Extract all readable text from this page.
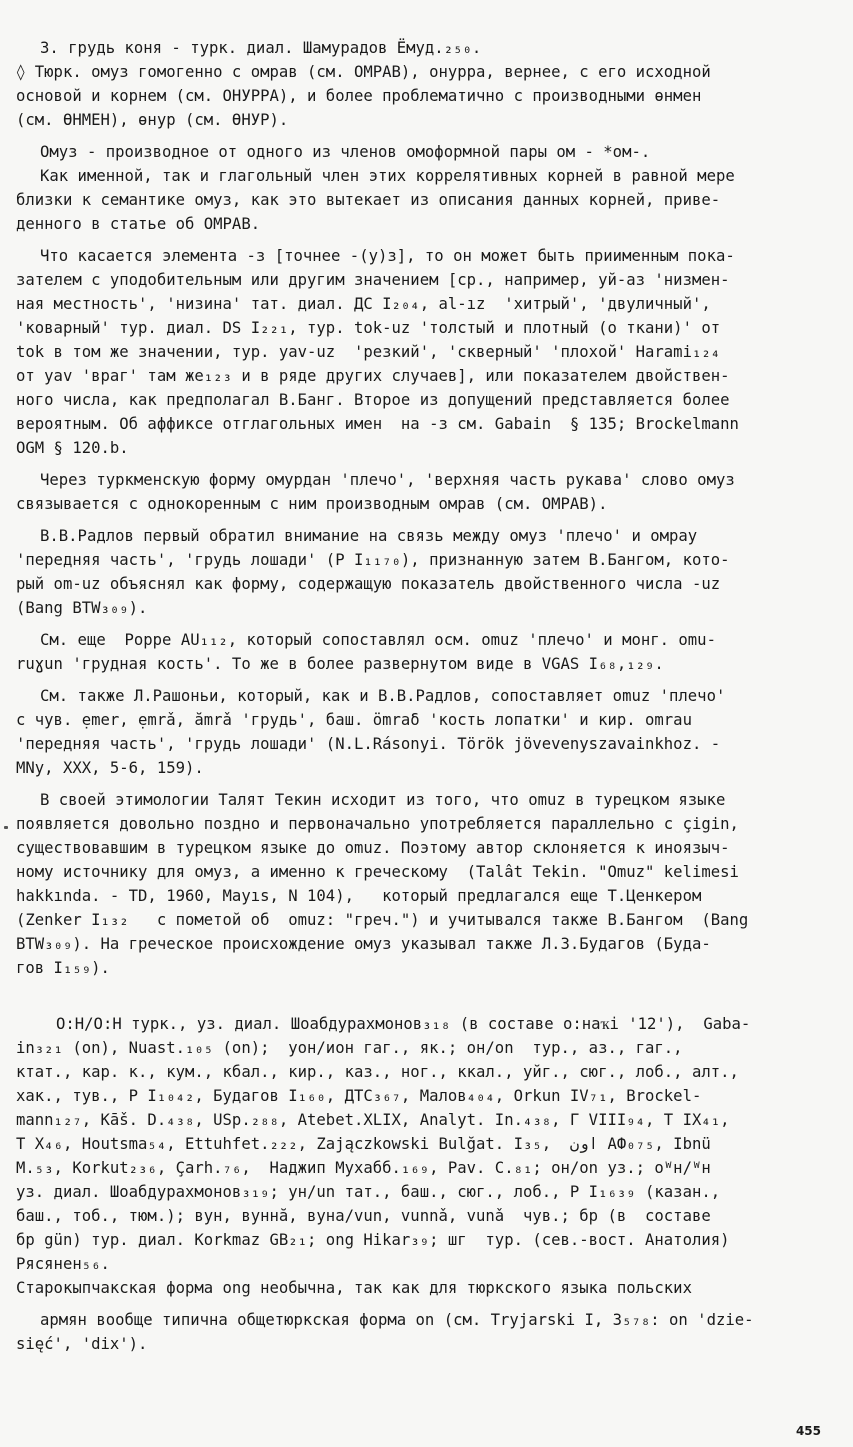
3. грудь коня - турк. диал. Шамурадов Ёмуд.₂₅₀.
◊ Тюрк. омуз гомогенно с омрав (см. ОМРАВ), онурра, вернее, с его исходной
основой и корнем (см. ОНУРРА), и более проблематично с производными өнмен
(см. ӨНМЕН), өнур (см. ӨНУР).
Омуз - производное от одного из членов омоформной пары ом - *ом-.
Как именной, так и глагольный член этих коррелятивных корней в равной мере
близки к семантике омуз, как это вытекает из описания данных корней, приве-
денного в статье об ОМРАВ.
Что касается элемента -з [точнее -(у)з], то он может быть приименным пока-
зателем с уподобительным или другим значением [ср., например, уй-аз 'низмен-
ная местность', 'низина' тат. диал. ДС I₂₀₄, al-ız  'хитрый', 'двуличный',
'коварный' тур. диал. DS I₂₂₁, тур. tok-uz 'толстый и плотный (о ткани)' от
tok в том же значении, тур. yav-uz  'резкий', 'скверный' 'плохой' Harami₁₂₄
от yav 'враг' там же₁₂₃ и в ряде других случаев], или показателем двойствен-
ного числа, как предполагал В.Банг. Второе из допущений представляется более
вероятным. Об аффиксе отглагольных имен  на -з см. Gabain  § 135; Brockelmann
OGM § 120.b.
Через туркменскую форму омурдан 'плечо', 'верхняя часть рукава' слово омуз
связывается с однокоренным с ним производным омрав (см. ОМРАВ).
В.В.Радлов первый обратил внимание на связь между омуз 'плечо' и омрау
'передняя часть', 'грудь лошади' (Р I₁₁₇₀), признанную затем В.Бангом, кото-
рый om-uz объяснял как форму, содержащую показатель двойственного числа -uz
(Bang BTW₃₀₉).
См. еще  Poppe AU₁₁₂, который сопоставлял осм. omuz 'плечо' и монг. omu-
ruɣun 'грудная кость'. То же в более развернутом виде в VGAS I₆₈,₁₂₉.
См. также Л.Рашоньи, который, как и В.В.Радлов, сопоставляет omuz 'плечо'
с чув. ẹmer, ẹmrǎ, ӑmrǎ 'грудь', баш. ӧmraδ 'кость лопатки' и кир. omrau
'передняя часть', 'грудь лошади' (N.L.Rásonyi. Török jövevenyszavainkhoz. -
MNy, XXX, 5-6, 159).
В своей этимологии Талят Текин исходит из того, что omuz в турецком языке
появляется довольно поздно и первоначально употребляется параллельно с çigin,
существовавшим в турецком языке до omuz. Поэтому автор склоняется к иноязыч-
ному источнику для омуз, а именно к греческому  (Talât Tekin. "Omuz" kelimesi
hakkında. - TD, 1960, Mayıs, N 104),   который предлагался еще Т.Ценкером
(Zenker I₁₃₂   с пометой об  omuz: "греч.") и учитывался также В.Бангом  (Bang
BTW₃₀₉). На греческое происхождение омуз указывал также Л.З.Будагов (Буда-
гов I₁₅₉).
О:Н/О:Н турк., уз. диал. Шоабдурахмонов₃₁₈ (в составе о:наҡі '12'),  Gaba-
in₃₂₁ (on), Nuast.₁₀₅ (on);  уон/ион гаг., як.; он/оn  тур., аз., гаг.,
ктат., кар. к., кум., кбал., кир., каз., ног., ккал., уйг., сюг., лоб., алт.,
хак., тув., Р I₁₀₄₂, Будагов I₁₆₀, ДТС₃₆₇, Малов₄₀₄, Orkun IV₇₁, Brockel-
mann₁₂₇, Kāš. D.₄₃₈, USp.₂₈₈, Atebet.XLIX, Analyt. In.₄₃₈, Г VIII₉₄, Т IX₄₁,
Т X₄₆, Houtsma₅₄, Ettuhfet.₂₂₂, Zajączkowski Bulğat. I₃₅,  اون AФ₀₇₅, Ibnü
M.₅₃, Korkut₂₃₆, Çarh.₇₆,  Наджип Мухабб.₁₆₉, Pav. C.₈₁; он/оn уз.; оᵂн/ᵂн
уз. диал. Шоабдурахмонов₃₁₉; ун/un тат., баш., сюг., лоб., Р I₁₆₃₉ (казан.,
баш., тоб., тюм.); вун, вуннӑ, вуна/vun, vunnǎ, vunǎ  чув.; бр (в  составе
бр gün) тур. диал. Korkmaz GB₂₁; ong Hikar₃₉; шг  тур. (сев.-вост. Анатолия)
Рясянен₅₆.
Старокыпчакская форма ong необычна, так как для тюркского языка польских
армян вообще типична общетюркская форма on (см. Tryjarski I, 3₅₇₈: on 'dzie-
sięć', 'dix').
455
